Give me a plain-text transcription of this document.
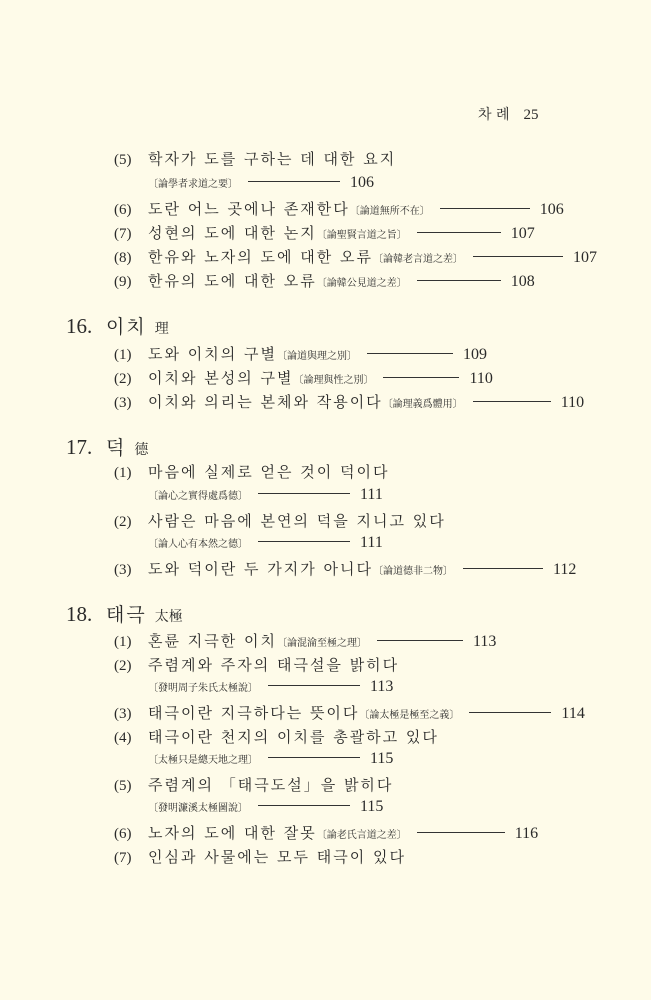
차 례 25
(5)	학자가 도를 구하는 데 대한 요지
〔論學者求道之要〕	106
(6)	도란 어느 곳에나 존재한다 〔論道無所不在〕	106
(7)	성현의 도에 대한 논지 〔論聖賢言道之旨〕	107
(8)	한유와 노자의 도에 대한 오류 〔論韓老言道之差〕	107
(9)	한유의 도에 대한 오류 〔論韓公見道之差〕	108
16. 이치 理
(1)	도와 이치의 구별 〔論道與理之別〕	109
(2)	이치와 본성의 구별 〔論理與性之別〕	110
(3)	이치와 의리는 본체와 작용이다 〔論理義爲體用〕	110
17. 덕 德
(1)	마음에 실제로 얻은 것이 덕이다
〔論心之實得處爲德〕	111
(2)	사람은 마음에 본연의 덕을 지니고 있다
〔論人心有本然之德〕	111
(3)	도와 덕이란 두 가지가 아니다 〔論道德非二物〕	112
18. 태극 太極
(1)	혼륜 지극한 이치 〔論混淪至極之理〕	113
(2)	주렴계와 주자의 태극설을 밝히다
〔發明周子朱氏太極說〕	113
(3)	태극이란 지극하다는 뜻이다 〔論太極是極至之義〕	114
(4)	태극이란 천지의 이치를 총괄하고 있다
〔太極只是總天地之理〕	115
(5)	주렴계의 「태극도설」을 밝히다
〔發明濂溪太極圖說〕	115
(6)	노자의 도에 대한 잘못 〔論老氏言道之差〕	116
(7)	인심과 사물에는 모두 태극이 있다
